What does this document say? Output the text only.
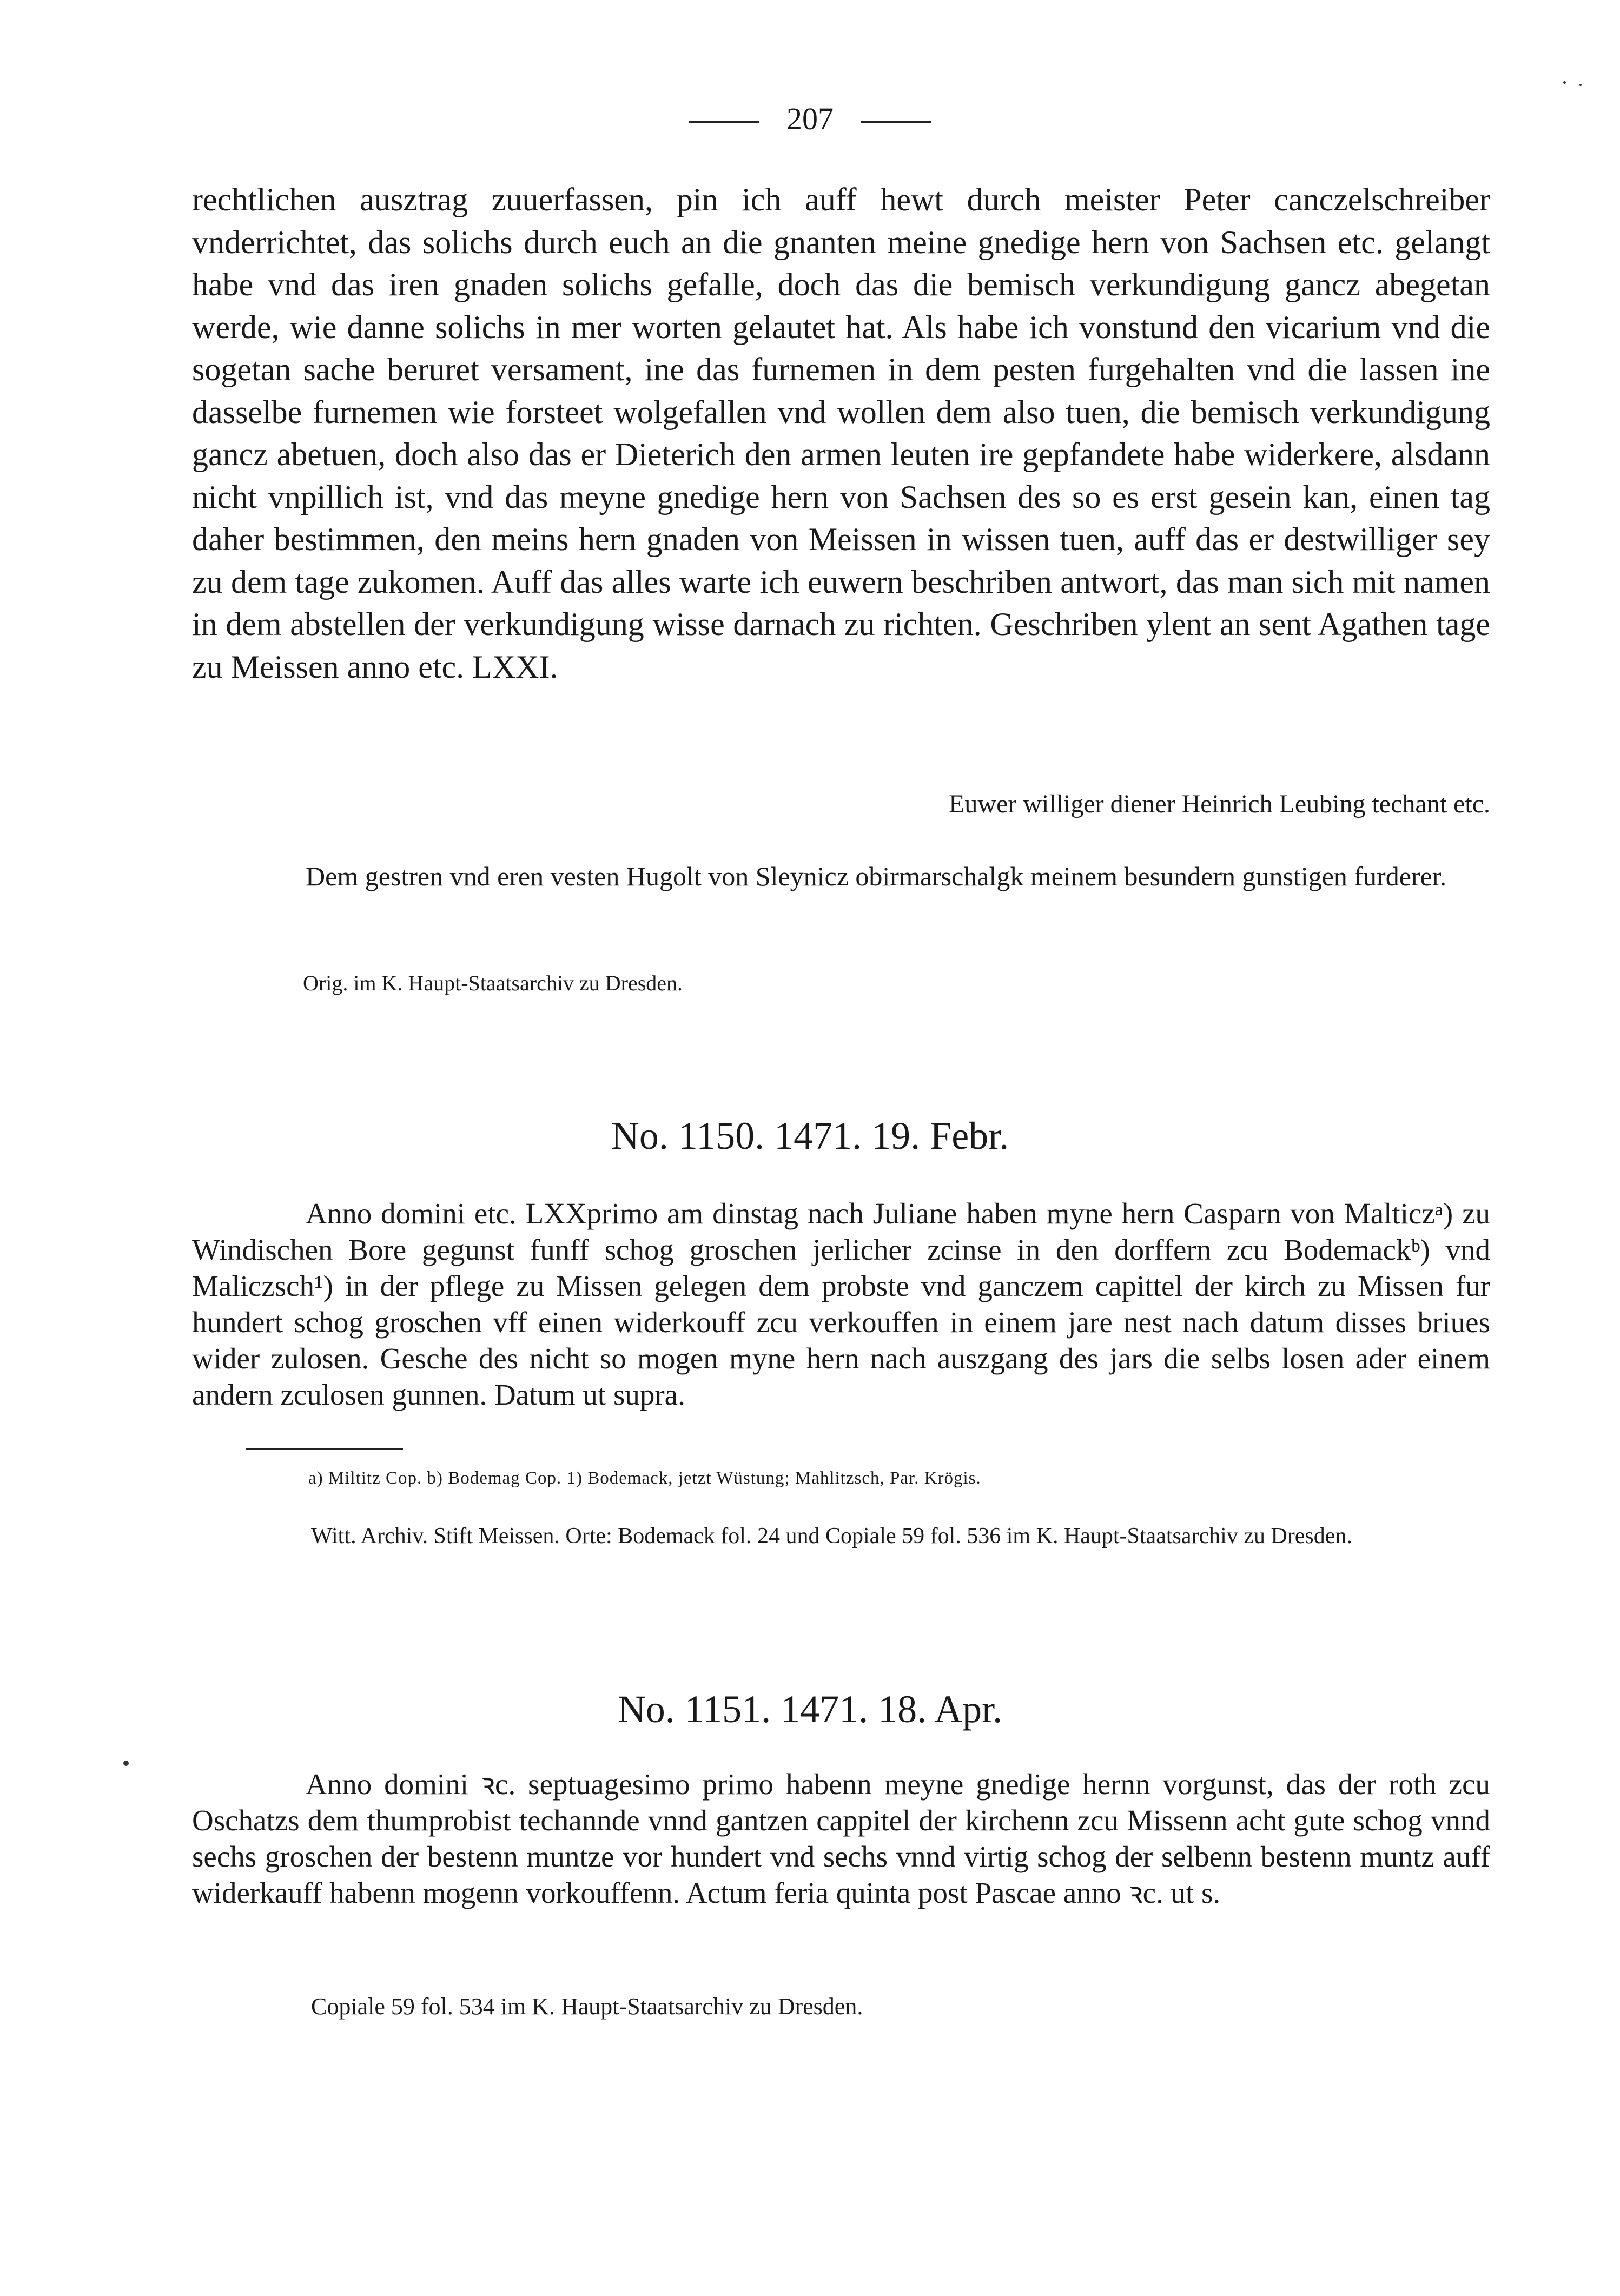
207

rechtlichen ausztrag zuuerfassen, pin ich auff hewt durch meister Peter canczelschreiber vnderrichtet, das solichs durch euch an die gnanten meine gnedige hern von Sachsen etc. gelangt habe vnd das iren gnaden solichs gefalle, doch das die bemisch verkundigung gancz abegetan werde, wie danne solichs in mer worten gelautet hat. Als habe ich vonstund den vicarium vnd die sogetan sache beruret versament, ine das furnemen in dem pesten furgehalten vnd die lassen ine dasselbe furnemen wie forsteet wolgefallen vnd wollen dem also tuen, die bemisch verkundigung gancz abetuen, doch also das er Dieterich den armen leuten ire gepfandete habe widerkere, alsdann nicht vnpillich ist, vnd das meyne gnedige hern von Sachsen des so es erst gesein kan, einen tag daher bestimmen, den meins hern gnaden von Meissen in wissen tuen, auff das er destwilliger sey zu dem tage zukomen. Auff das alles warte ich euwern beschriben antwort, das man sich mit namen in dem abstellen der verkundigung wisse darnach zu richten. Geschriben ylent an sent Agathen tage zu Meissen anno etc. LXXI.

Euwer williger diener Heinrich Leubing techant etc.
Dem gestren vnd eren vesten Hugolt von Sleynicz obirmarschalgk meinem besundern gunstigen furderer.
Orig. im K. Haupt-Staatsarchiv zu Dresden.
No. 1150. 1471. 19. Febr.

Anno domini etc. LXXprimo am dinstag nach Juliane haben myne hern Casparn von Malticzᵃ) zu Windischen Bore gegunst funff schog groschen jerlicher zcinse in den dorffern zcu Bodemackᵇ) vnd Maliczsch¹) in der pflege zu Missen gelegen dem probste vnd ganczem capittel der kirch zu Missen fur hundert schog groschen vff einen widerkouff zcu verkouffen in einem jare nest nach datum disses briues wider zulosen. Gesche des nicht so mogen myne hern nach auszgang des jars die selbs losen ader einem andern zculosen gunnen. Datum ut supra.

a) Miltitz Cop. b) Bodemag Cop. 1) Bodemack, jetzt Wüstung; Mahlitzsch, Par. Krögis.
Witt. Archiv. Stift Meissen. Orte: Bodemack fol. 24 und Copiale 59 fol. 536 im K. Haupt-Staatsarchiv zu Dresden.
No. 1151. 1471. 18. Apr.

Anno domini ꝛc. septuagesimo primo habenn meyne gnedige hernn vorgunst, das der roth zcu Oschatzs dem thumprobist techannde vnnd gantzen cappitel der kirchenn zcu Missenn acht gute schog vnnd sechs groschen der bestenn muntze vor hundert vnd sechs vnnd virtig schog der selbenn bestenn muntz auff widerkauff habenn mogenn vorkouffenn. Actum feria quinta post Pascae anno ꝛc. ut s.

Copiale 59 fol. 534 im K. Haupt-Staatsarchiv zu Dresden.
